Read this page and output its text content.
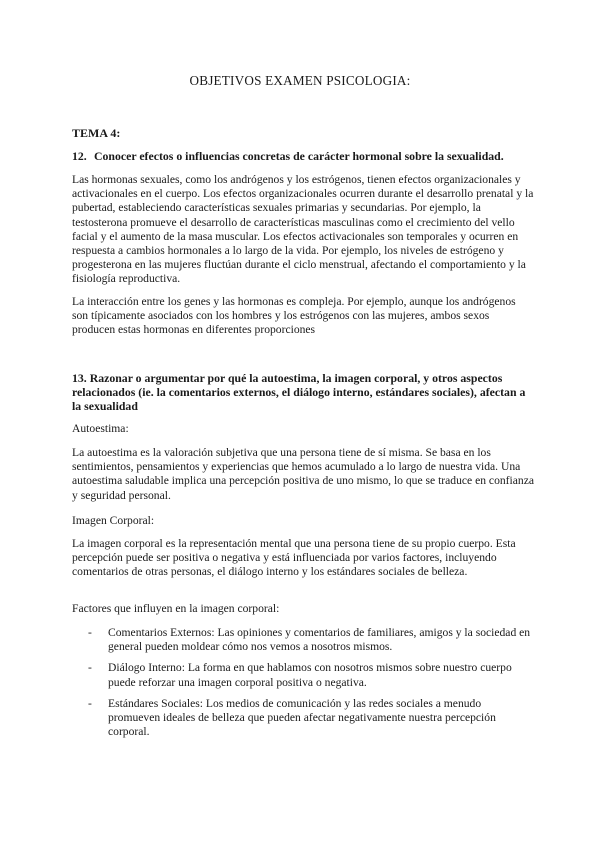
OBJETIVOS EXAMEN PSICOLOGIA:
TEMA 4:
12. Conocer efectos o influencias concretas de carácter hormonal sobre la sexualidad.

Las hormonas sexuales, como los andrógenos y los estrógenos, tienen efectos organizacionales y activacionales en el cuerpo. Los efectos organizacionales ocurren durante el desarrollo prenatal y la pubertad, estableciendo características sexuales primarias y secundarias. Por ejemplo, la testosterona promueve el desarrollo de características masculinas como el crecimiento del vello facial y el aumento de la masa muscular. Los efectos activacionales son temporales y ocurren en respuesta a cambios hormonales a lo largo de la vida. Por ejemplo, los niveles de estrógeno y progesterona en las mujeres fluctúan durante el ciclo menstrual, afectando el comportamiento y la fisiología reproductiva.

La interacción entre los genes y las hormonas es compleja. Por ejemplo, aunque los andrógenos son típicamente asociados con los hombres y los estrógenos con las mujeres, ambos sexos producen estas hormonas en diferentes proporciones

13. Razonar o argumentar por qué la autoestima, la imagen corporal, y otros aspectos relacionados (ie. la comentarios externos, el diálogo interno, estándares sociales), afectan a la sexualidad

Autoestima:

La autoestima es la valoración subjetiva que una persona tiene de sí misma. Se basa en los sentimientos, pensamientos y experiencias que hemos acumulado a lo largo de nuestra vida. Una autoestima saludable implica una percepción positiva de uno mismo, lo que se traduce en confianza y seguridad personal.

Imagen Corporal:

La imagen corporal es la representación mental que una persona tiene de su propio cuerpo. Esta percepción puede ser positiva o negativa y está influenciada por varios factores, incluyendo comentarios de otras personas, el diálogo interno y los estándares sociales de belleza.

Factores que influyen en la imagen corporal:

- Comentarios Externos: Las opiniones y comentarios de familiares, amigos y la sociedad en general pueden moldear cómo nos vemos a nosotros mismos.
- Diálogo Interno: La forma en que hablamos con nosotros mismos sobre nuestro cuerpo puede reforzar una imagen corporal positiva o negativa.
- Estándares Sociales: Los medios de comunicación y las redes sociales a menudo promueven ideales de belleza que pueden afectar negativamente nuestra percepción corporal.
